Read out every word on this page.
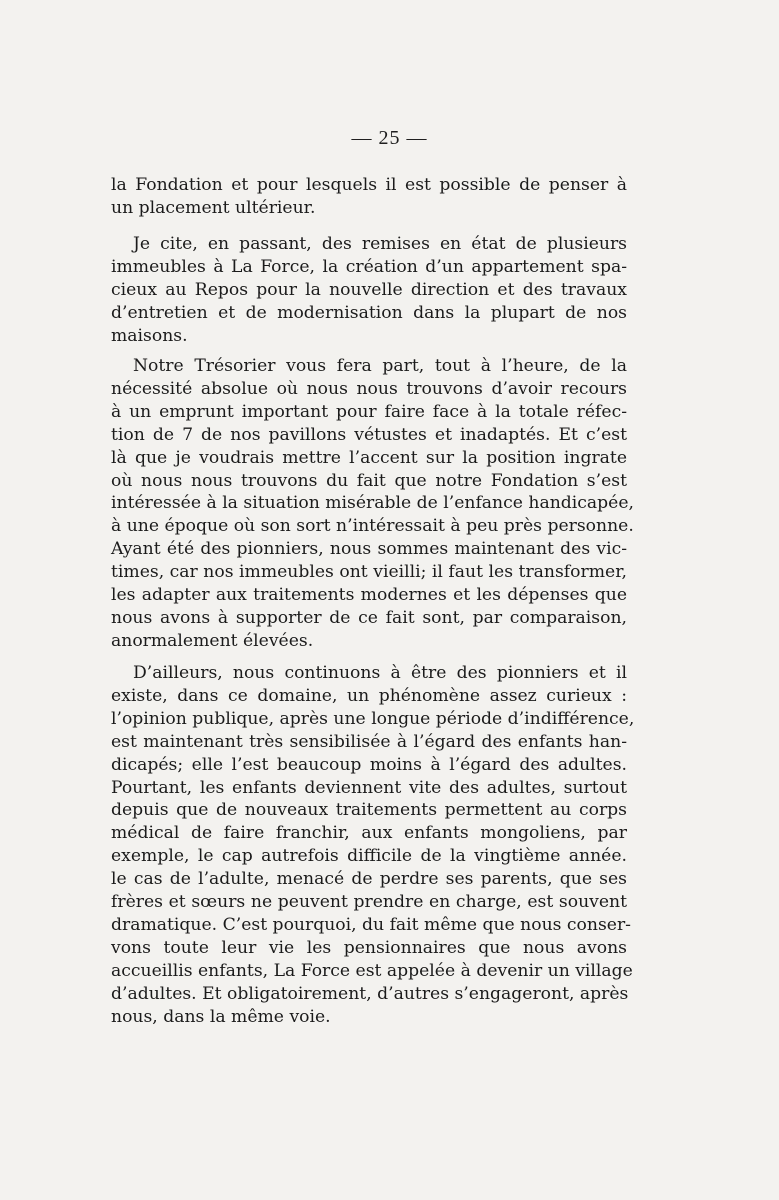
— 25 —
la Fondation et pour lesquels il est possible de penser à
un placement ultérieur.
Je cite, en passant, des remises en état de plusieurs
immeubles à La Force, la création d’un appartement spa-
cieux au Repos pour la nouvelle direction et des travaux
d’entretien et de modernisation dans la plupart de nos
maisons.
Notre Trésorier vous fera part, tout à l’heure, de la
nécessité absolue où nous nous trouvons d’avoir recours
à un emprunt important pour faire face à la totale réfec-
tion de 7 de nos pavillons vétustes et inadaptés. Et c’est
là que je voudrais mettre l’accent sur la position ingrate
où nous nous trouvons du fait que notre Fondation s’est
intéressée à la situation misérable de l’enfance handicapée,
à une époque où son sort n’intéressait à peu près personne.
Ayant été des pionniers, nous sommes maintenant des vic-
times, car nos immeubles ont vieilli; il faut les transformer,
les adapter aux traitements modernes et les dépenses que
nous avons à supporter de ce fait sont, par comparaison,
anormalement élevées.
D’ailleurs, nous continuons à être des pionniers et il
existe, dans ce domaine, un phénomène assez curieux :
l’opinion publique, après une longue période d’indifférence,
est maintenant très sensibilisée à l’égard des enfants han-
dicapés; elle l’est beaucoup moins à l’égard des adultes.
Pourtant, les enfants deviennent vite des adultes, surtout
depuis que de nouveaux traitements permettent au corps
médical de faire franchir, aux enfants mongoliens, par
exemple, le cap autrefois difficile de la vingtième année.
le cas de l’adulte, menacé de perdre ses parents, que ses
frères et sœurs ne peuvent prendre en charge, est souvent
dramatique. C’est pourquoi, du fait même que nous conser-
vons toute leur vie les pensionnaires que nous avons
accueillis enfants, La Force est appelée à devenir un village
d’adultes. Et obligatoirement, d’autres s’engageront, après
nous, dans la même voie.
